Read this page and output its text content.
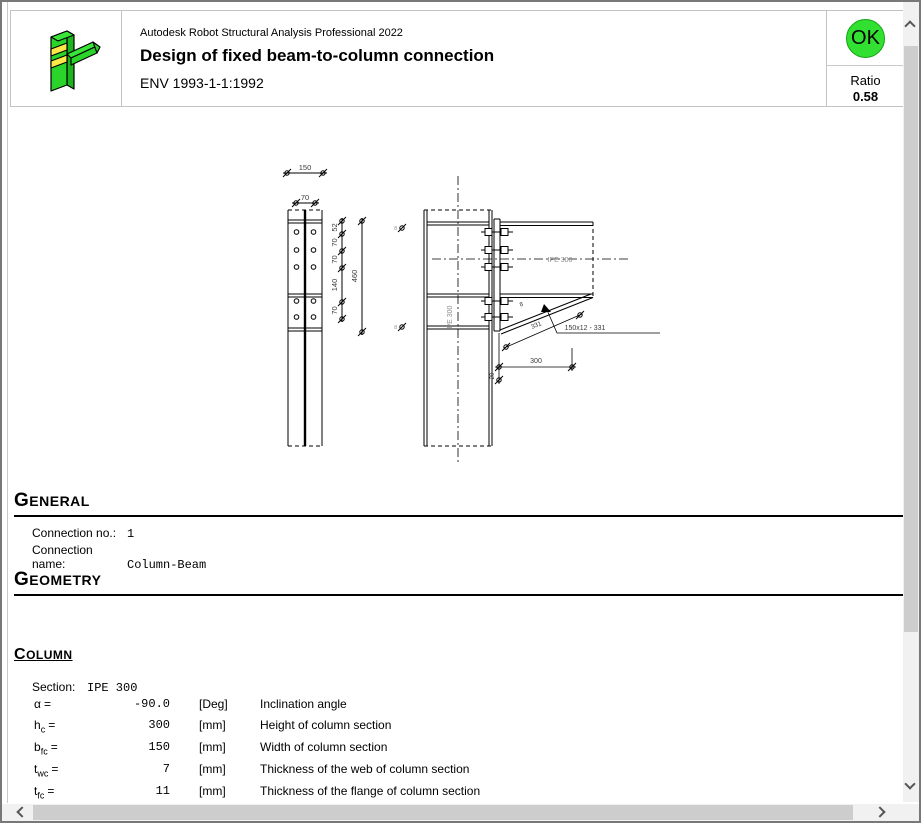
Autodesk Robot Structural Analysis Professional 2022
Design of fixed beam-to-column connection
ENV 1993-1-1:1992
OK
Ratio
0.58
150
70
52
70
70
140
70
460
8
8
IPE 300
IPE 300
8
331	150x12 - 331
300
20
GENERAL
Connection no.: 1
Connection name:	Column-Beam
GEOMETRY
COLUMN
Section: IPE 300
α =	-90.0 [Deg]	Inclination angle
$h_c$ =	300 [mm]	Height of column section
$b_{fc}$ =	150 [mm]	Width of column section
$t_{wc}$ =	7 [mm]	Thickness of the web of column section
$t_{fc}$ =	11 [mm]	Thickness of the flange of column section
